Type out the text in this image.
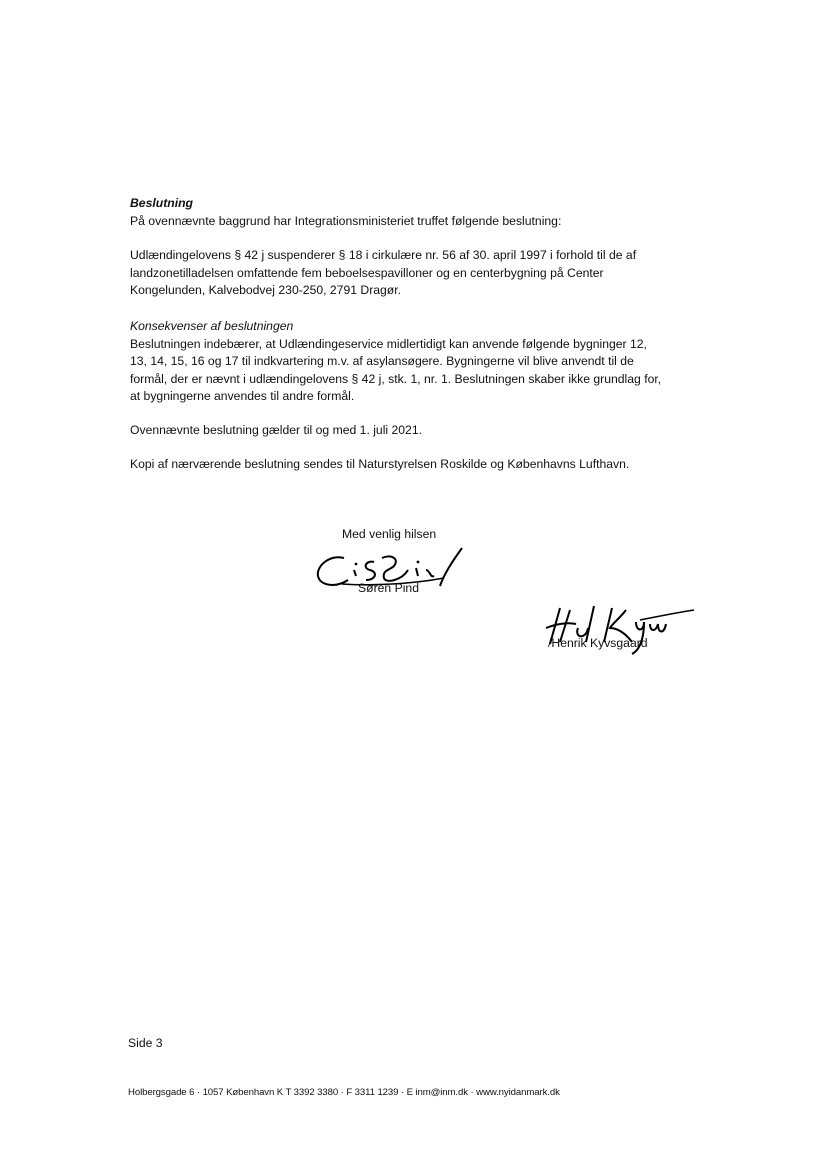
Beslutning

På ovennævnte baggrund har Integrationsministeriet truffet følgende beslutning:

Udlændingelovens § 42 j suspenderer § 18 i cirkulære nr. 56 af 30. april 1997 i forhold til de af landzonetilladelsen omfattende fem beboelsespavilloner og en centerbygning på Center Kongelunden, Kalvebodvej 230-250, 2791 Dragør.

Konsekvenser af beslutningen

Beslutningen indebærer, at Udlændingeservice midlertidigt kan anvende følgende bygninger 12, 13, 14, 15, 16 og 17 til indkvartering m.v. af asylansøgere. Bygningerne vil blive anvendt til de formål, der er nævnt i udlændingelovens § 42 j, stk. 1, nr. 1. Beslutningen skaber ikke grundlag for, at bygningerne anvendes til andre formål.

Ovennævnte beslutning gælder til og med 1. juli 2021.

Kopi af nærværende beslutning sendes til Naturstyrelsen Roskilde og Københavns Lufthavn.

Med venlig hilsen
Søren Pind
/Henrik Kyvsgaard
Side 3
Holbergsgade 6 · 1057 København K T 3392 3380 · F 3311 1239 · E inm@inm.dk · www.nyidanmark.dk
